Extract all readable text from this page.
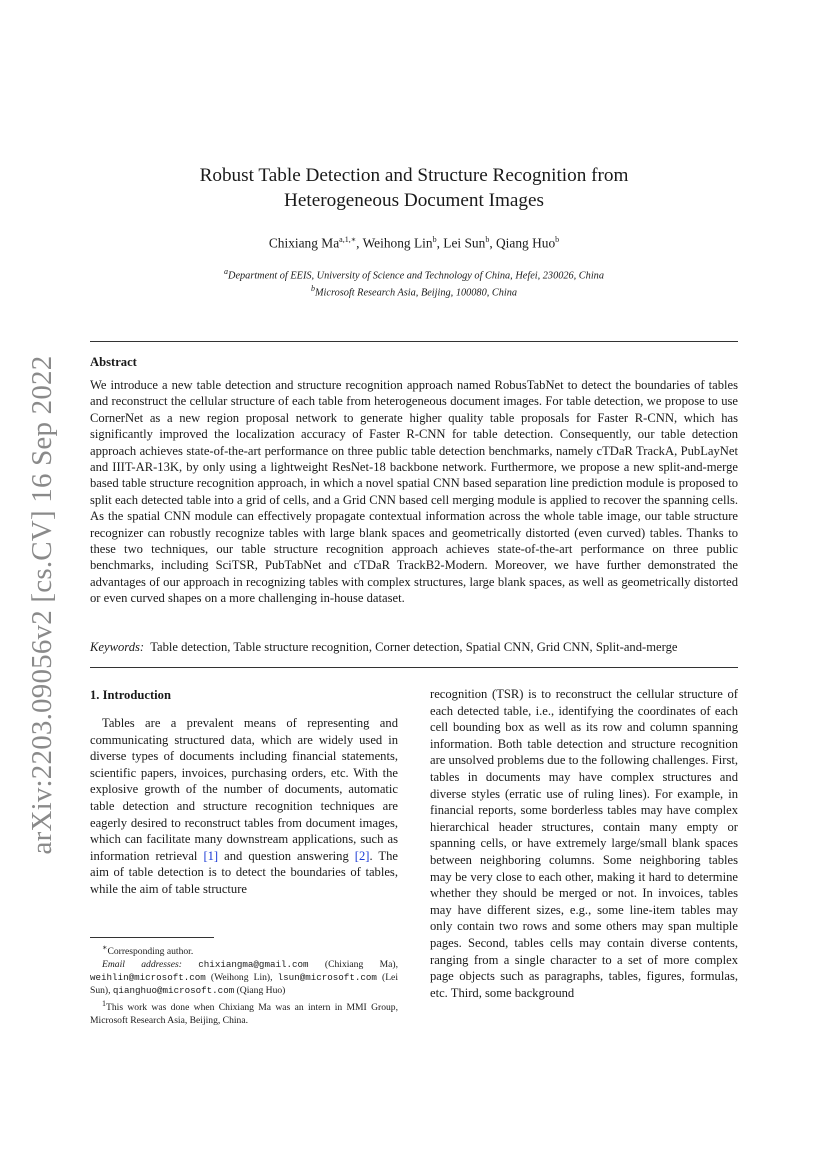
arXiv:2203.09056v2 [cs.CV] 16 Sep 2022
Robust Table Detection and Structure Recognition from
Heterogeneous Document Images
Chixiang $Ma^{a,1,∗}$, Weihong Lin$^b$, Lei Sun$^b$, Qiang Huo$^b$
$^a$Department of EEIS, University of Science and Technology of China, Hefei, 230026, China
$^b$Microsoft Research Asia, Beijing, 100080, China
Abstract
We introduce a new table detection and structure recognition approach named RobusTabNet to detect the boundaries of tables and reconstruct the cellular structure of each table from heterogeneous document images. For table detection, we propose to use CornerNet as a new region proposal network to generate higher quality table proposals for Faster R-CNN, which has significantly improved the localization accuracy of Faster R-CNN for table detection. Consequently, our table detection approach achieves state-of-the-art performance on three public table detection benchmarks, namely cTDaR TrackA, PubLayNet and IIIT-AR-13K, by only using a lightweight ResNet-18 backbone network. Furthermore, we propose a new split-and-merge based table structure recognition approach, in which a novel spatial CNN based separation line prediction module is proposed to split each detected table into a grid of cells, and a Grid CNN based cell merging module is applied to recover the spanning cells. As the spatial CNN module can effectively propagate contextual information across the whole table image, our table structure recognizer can robustly recognize tables with large blank spaces and geometrically distorted (even curved) tables. Thanks to these two techniques, our table structure recognition approach achieves state-of-the-art performance on three public benchmarks, including SciTSR, PubTabNet and cTDaR TrackB2-Modern. Moreover, we have further demonstrated the advantages of our approach in recognizing tables with complex structures, large blank spaces, as well as geometrically distorted or even curved shapes on a more challenging in-house dataset.
Keywords: Table detection, Table structure recognition, Corner detection, Spatial CNN, Grid CNN, Split-and-merge
1. Introduction
Tables are a prevalent means of representing and communicating structured data, which are widely used in diverse types of documents including financial statements, scientific papers, invoices, purchasing orders, etc. With the explosive growth of the number of documents, automatic table detection and structure recognition techniques are eagerly desired to reconstruct tables from document images, which can facilitate many downstream applications, such as information retrieval [1] and question answering [2]. The aim of table detection is to detect the boundaries of tables, while the aim of table structure
recognition (TSR) is to reconstruct the cellular structure of each detected table, i.e., identifying the coordinates of each cell bounding box as well as its row and column spanning information. Both table detection and structure recognition are unsolved problems due to the following challenges. First, tables in documents may have complex structures and diverse styles (erratic use of ruling lines). For example, in financial reports, some borderless tables may have complex hierarchical header structures, contain many empty or spanning cells, or have extremely large/small blank spaces between neighboring columns. Some neighboring tables may be very close to each other, making it hard to determine whether they should be merged or not. In invoices, tables may have different sizes, e.g., some line-item tables may only contain two rows and some others may span multiple pages. Second, tables cells may contain diverse contents, ranging from a single character to a set of more complex page objects such as paragraphs, tables, figures, formulas, etc. Third, some background

∗Corresponding author.

Email addresses: chixiangma@gmail.com (Chixiang Ma), weihlin@microsoft.com (Weihong Lin), lsun@microsoft.com (Lei Sun), qianghuo@microsoft.com (Qiang Huo)

$^1$This work was done when Chixiang Ma was an intern in MMI Group, Microsoft Research Asia, Beijing, China.
